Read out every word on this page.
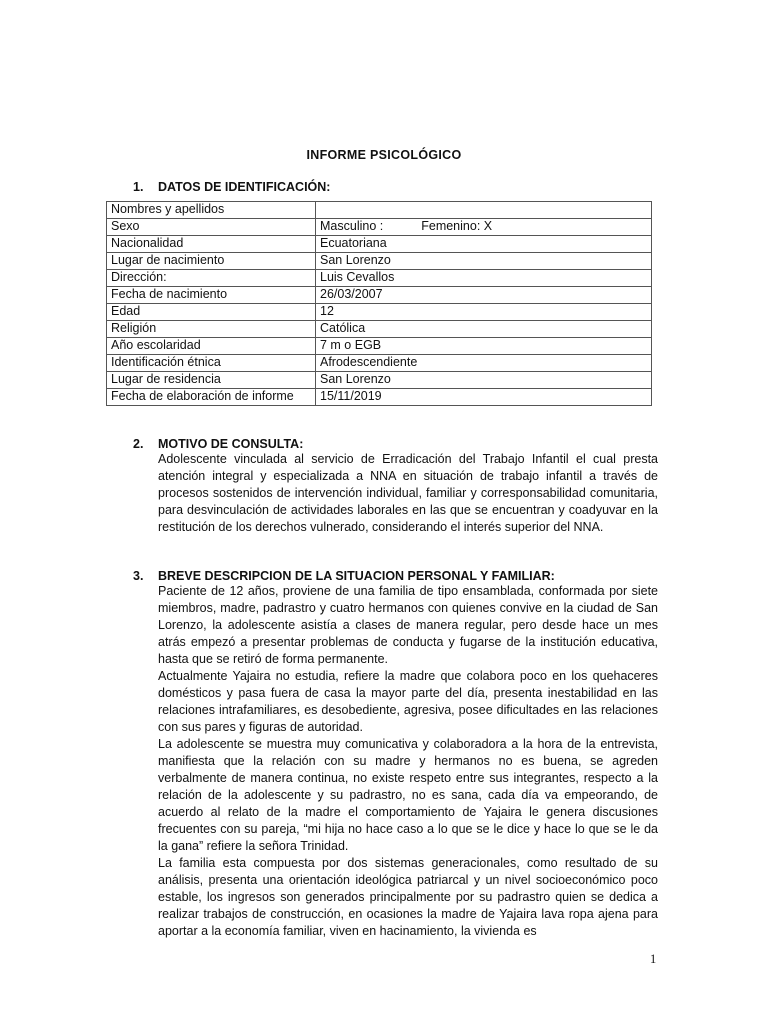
INFORME PSICOLÓGICO
1. DATOS DE IDENTIFICACIÓN:
Nombres y apellidos	
Sexo	Masculino : Femenino: X
Nacionalidad	Ecuatoriana
Lugar de nacimiento	San Lorenzo
Dirección:	Luis Cevallos
Fecha de nacimiento	26/03/2007
Edad	12
Religión	Católica
Año escolaridad	7 m o EGB
Identificación étnica	Afrodescendiente
Lugar de residencia	San Lorenzo
Fecha de elaboración de informe	15/11/2019
2. MOTIVO DE CONSULTA:

Adolescente vinculada al servicio de Erradicación del Trabajo Infantil el cual presta atención integral y especializada a NNA en situación de trabajo infantil a través de procesos sostenidos de intervención individual, familiar y corresponsabilidad comunitaria, para desvinculación de actividades laborales en las que se encuentran y coadyuvar en la restitución de los derechos vulnerado, considerando el interés superior del NNA.

3. BREVE DESCRIPCION DE LA SITUACION PERSONAL Y FAMILIAR:

Paciente de 12 años, proviene de una familia de tipo ensamblada, conformada por siete miembros, madre, padrastro y cuatro hermanos con quienes convive en la ciudad de San Lorenzo, la adolescente asistía a clases de manera regular, pero desde hace un mes atrás empezó a presentar problemas de conducta y fugarse de la institución educativa, hasta que se retiró de forma permanente.

Actualmente Yajaira no estudia, refiere la madre que colabora poco en los quehaceres domésticos y pasa fuera de casa la mayor parte del día, presenta inestabilidad en las relaciones intrafamiliares, es desobediente, agresiva, posee dificultades en las relaciones con sus pares y figuras de autoridad.

La adolescente se muestra muy comunicativa y colaboradora a la hora de la entrevista, manifiesta que la relación con su madre y hermanos no es buena, se agreden verbalmente de manera continua, no existe respeto entre sus integrantes, respecto a la relación de la adolescente y su padrastro, no es sana, cada día va empeorando, de acuerdo al relato de la madre el comportamiento de Yajaira le genera discusiones frecuentes con su pareja, “mi hija no hace caso a lo que se le dice y hace lo que se le da la gana” refiere la señora Trinidad.

La familia esta compuesta por dos sistemas generacionales, como resultado de su análisis, presenta una orientación ideológica patriarcal y un nivel socioeconómico poco estable, los ingresos son generados principalmente por su padrastro quien se dedica a realizar trabajos de construcción, en ocasiones la madre de Yajaira lava ropa ajena para aportar a la economía familiar, viven en hacinamiento, la vivienda es

1
